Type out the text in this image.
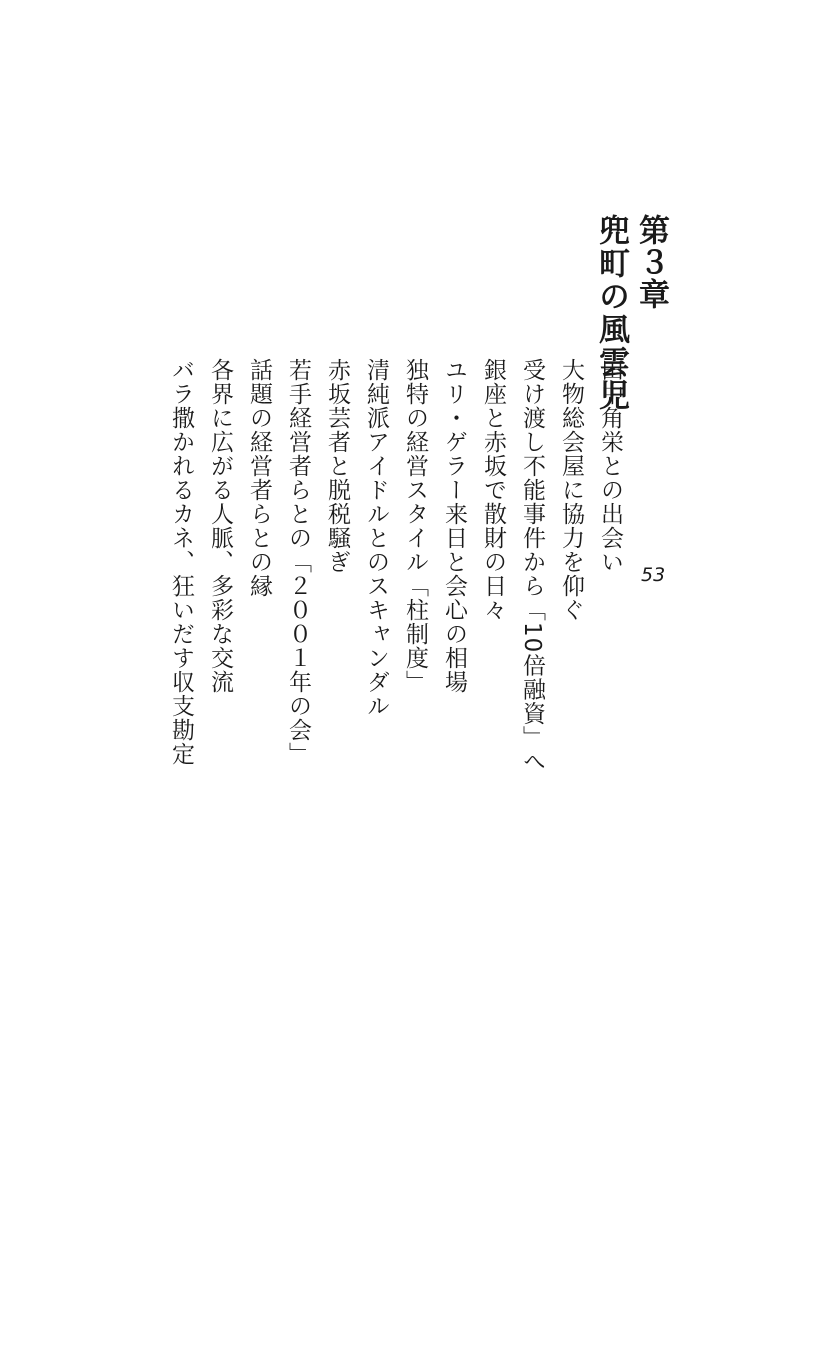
第３章
兜町の風雲児
53
田中角栄との出会い
大物総会屋に協力を仰ぐ
受け渡し不能事件から「10倍融資」へ
銀座と赤坂で散財の日々
ユリ・ゲラー来日と会心の相場
独特の経営スタイル「柱制度」
清純派アイドルとのスキャンダル
赤坂芸者と脱税騒ぎ
若手経営者らとの「２００１年の会」
話題の経営者らとの縁
各界に広がる人脈、多彩な交流
バラ撒かれるカネ、狂いだす収支勘定
